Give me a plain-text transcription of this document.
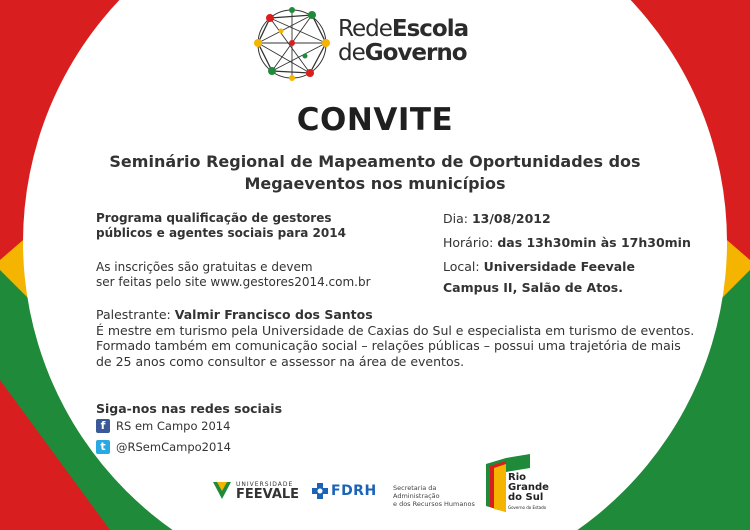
RedeEscola
deGoverno
CONVITE
Seminário Regional de Mapeamento de Oportunidades dos
Megaeventos nos municípios
Programa qualificação de gestores
públicos e agentes sociais para 2014
As inscrições são gratuitas e devem
ser feitas pelo site www.gestores2014.com.br
Dia: 13/08/2012
Horário: das 13h30min às 17h30min
Local: Universidade Feevale
Campus II, Salão de Atos.
Palestrante: Valmir Francisco dos Santos
É mestre em turismo pela Universidade de Caxias do Sul e especialista em turismo de eventos.
Formado também em comunicação social – relações públicas – possui uma trajetória de mais
de 25 anos como consultor e assessor na área de eventos.
Siga-nos nas redes sociais
f RS em Campo 2014
t @RSemCampo2014
UNIVERSIDADE
FEEVALE FDRH	Secretaria da Administração
e dos Recursos Humanos
Rio
Grande
do Sul
Governo do Estado
